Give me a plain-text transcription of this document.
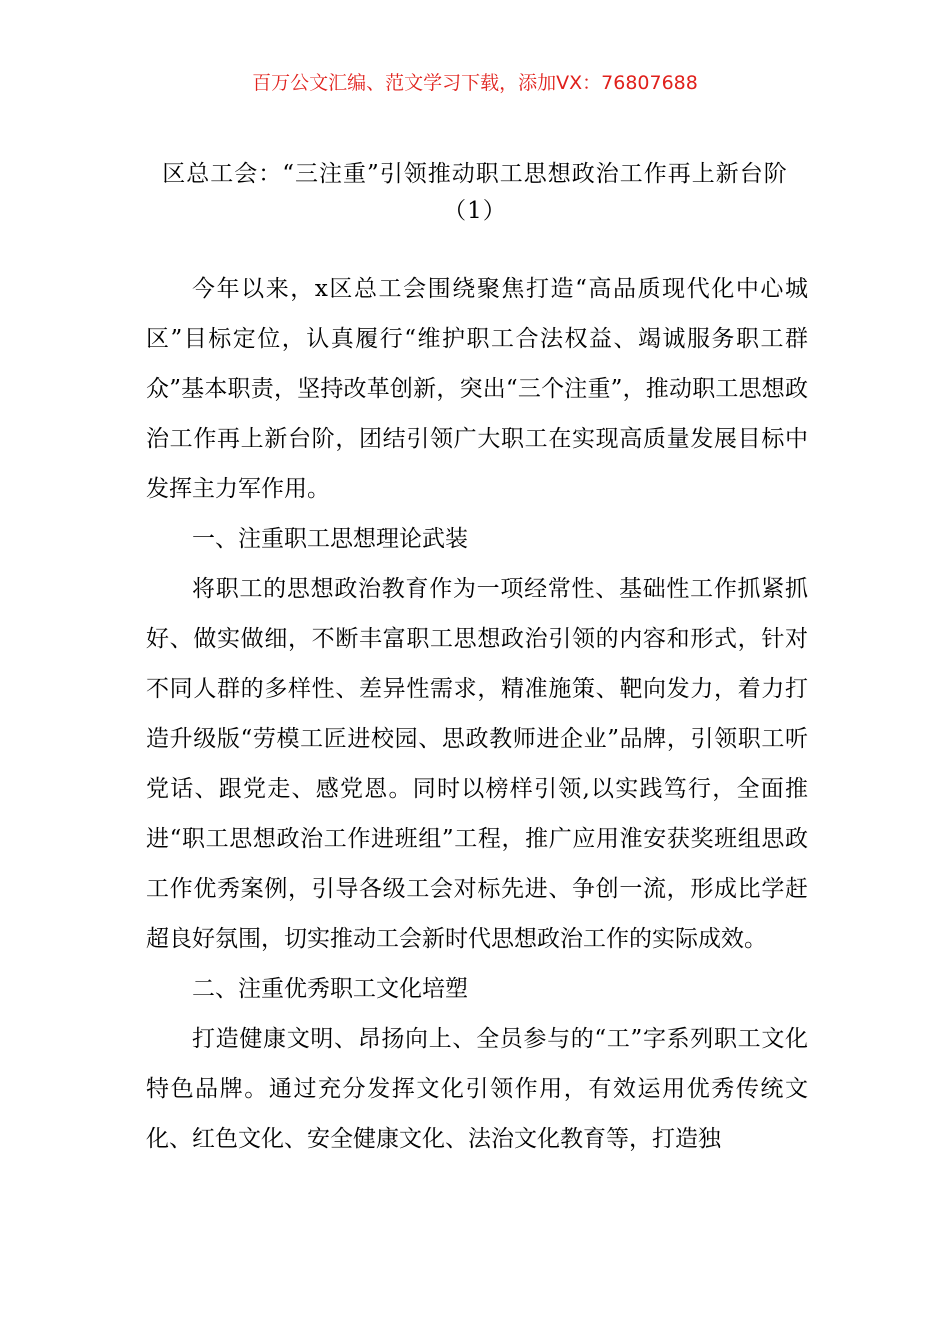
百万公文汇编、范文学习下载，添加VX：76807688
区总工会：“三注重”引领推动职工思想政治工作再上新台阶
（1）

今年以来，x区总工会围绕聚焦打造“高品质现代化中心城区”目标定位，认真履行“维护职工合法权益、竭诚服务职工群众”基本职责，坚持改革创新，突出“三个注重”，推动职工思想政治工作再上新台阶，团结引领广大职工在实现高质量发展目标中发挥主力军作用。

一、注重职工思想理论武装

将职工的思想政治教育作为一项经常性、基础性工作抓紧抓好、做实做细，不断丰富职工思想政治引领的内容和形式，针对不同人群的多样性、差异性需求，精准施策、靶向发力，着力打造升级版“劳模工匠进校园、思政教师进企业”品牌，引领职工听党话、跟党走、感党恩。同时以榜样引领,以实践笃行，全面推进“职工思想政治工作进班组”工程，推广应用淮安获奖班组思政工作优秀案例，引导各级工会对标先进、争创一流，形成比学赶超良好氛围，切实推动工会新时代思想政治工作的实际成效。

二、注重优秀职工文化培塑

打造健康文明、昂扬向上、全员参与的“工”字系列职工文化特色品牌。通过充分发挥文化引领作用，有效运用优秀传统文化、红色文化、安全健康文化、法治文化教育等，打造独
